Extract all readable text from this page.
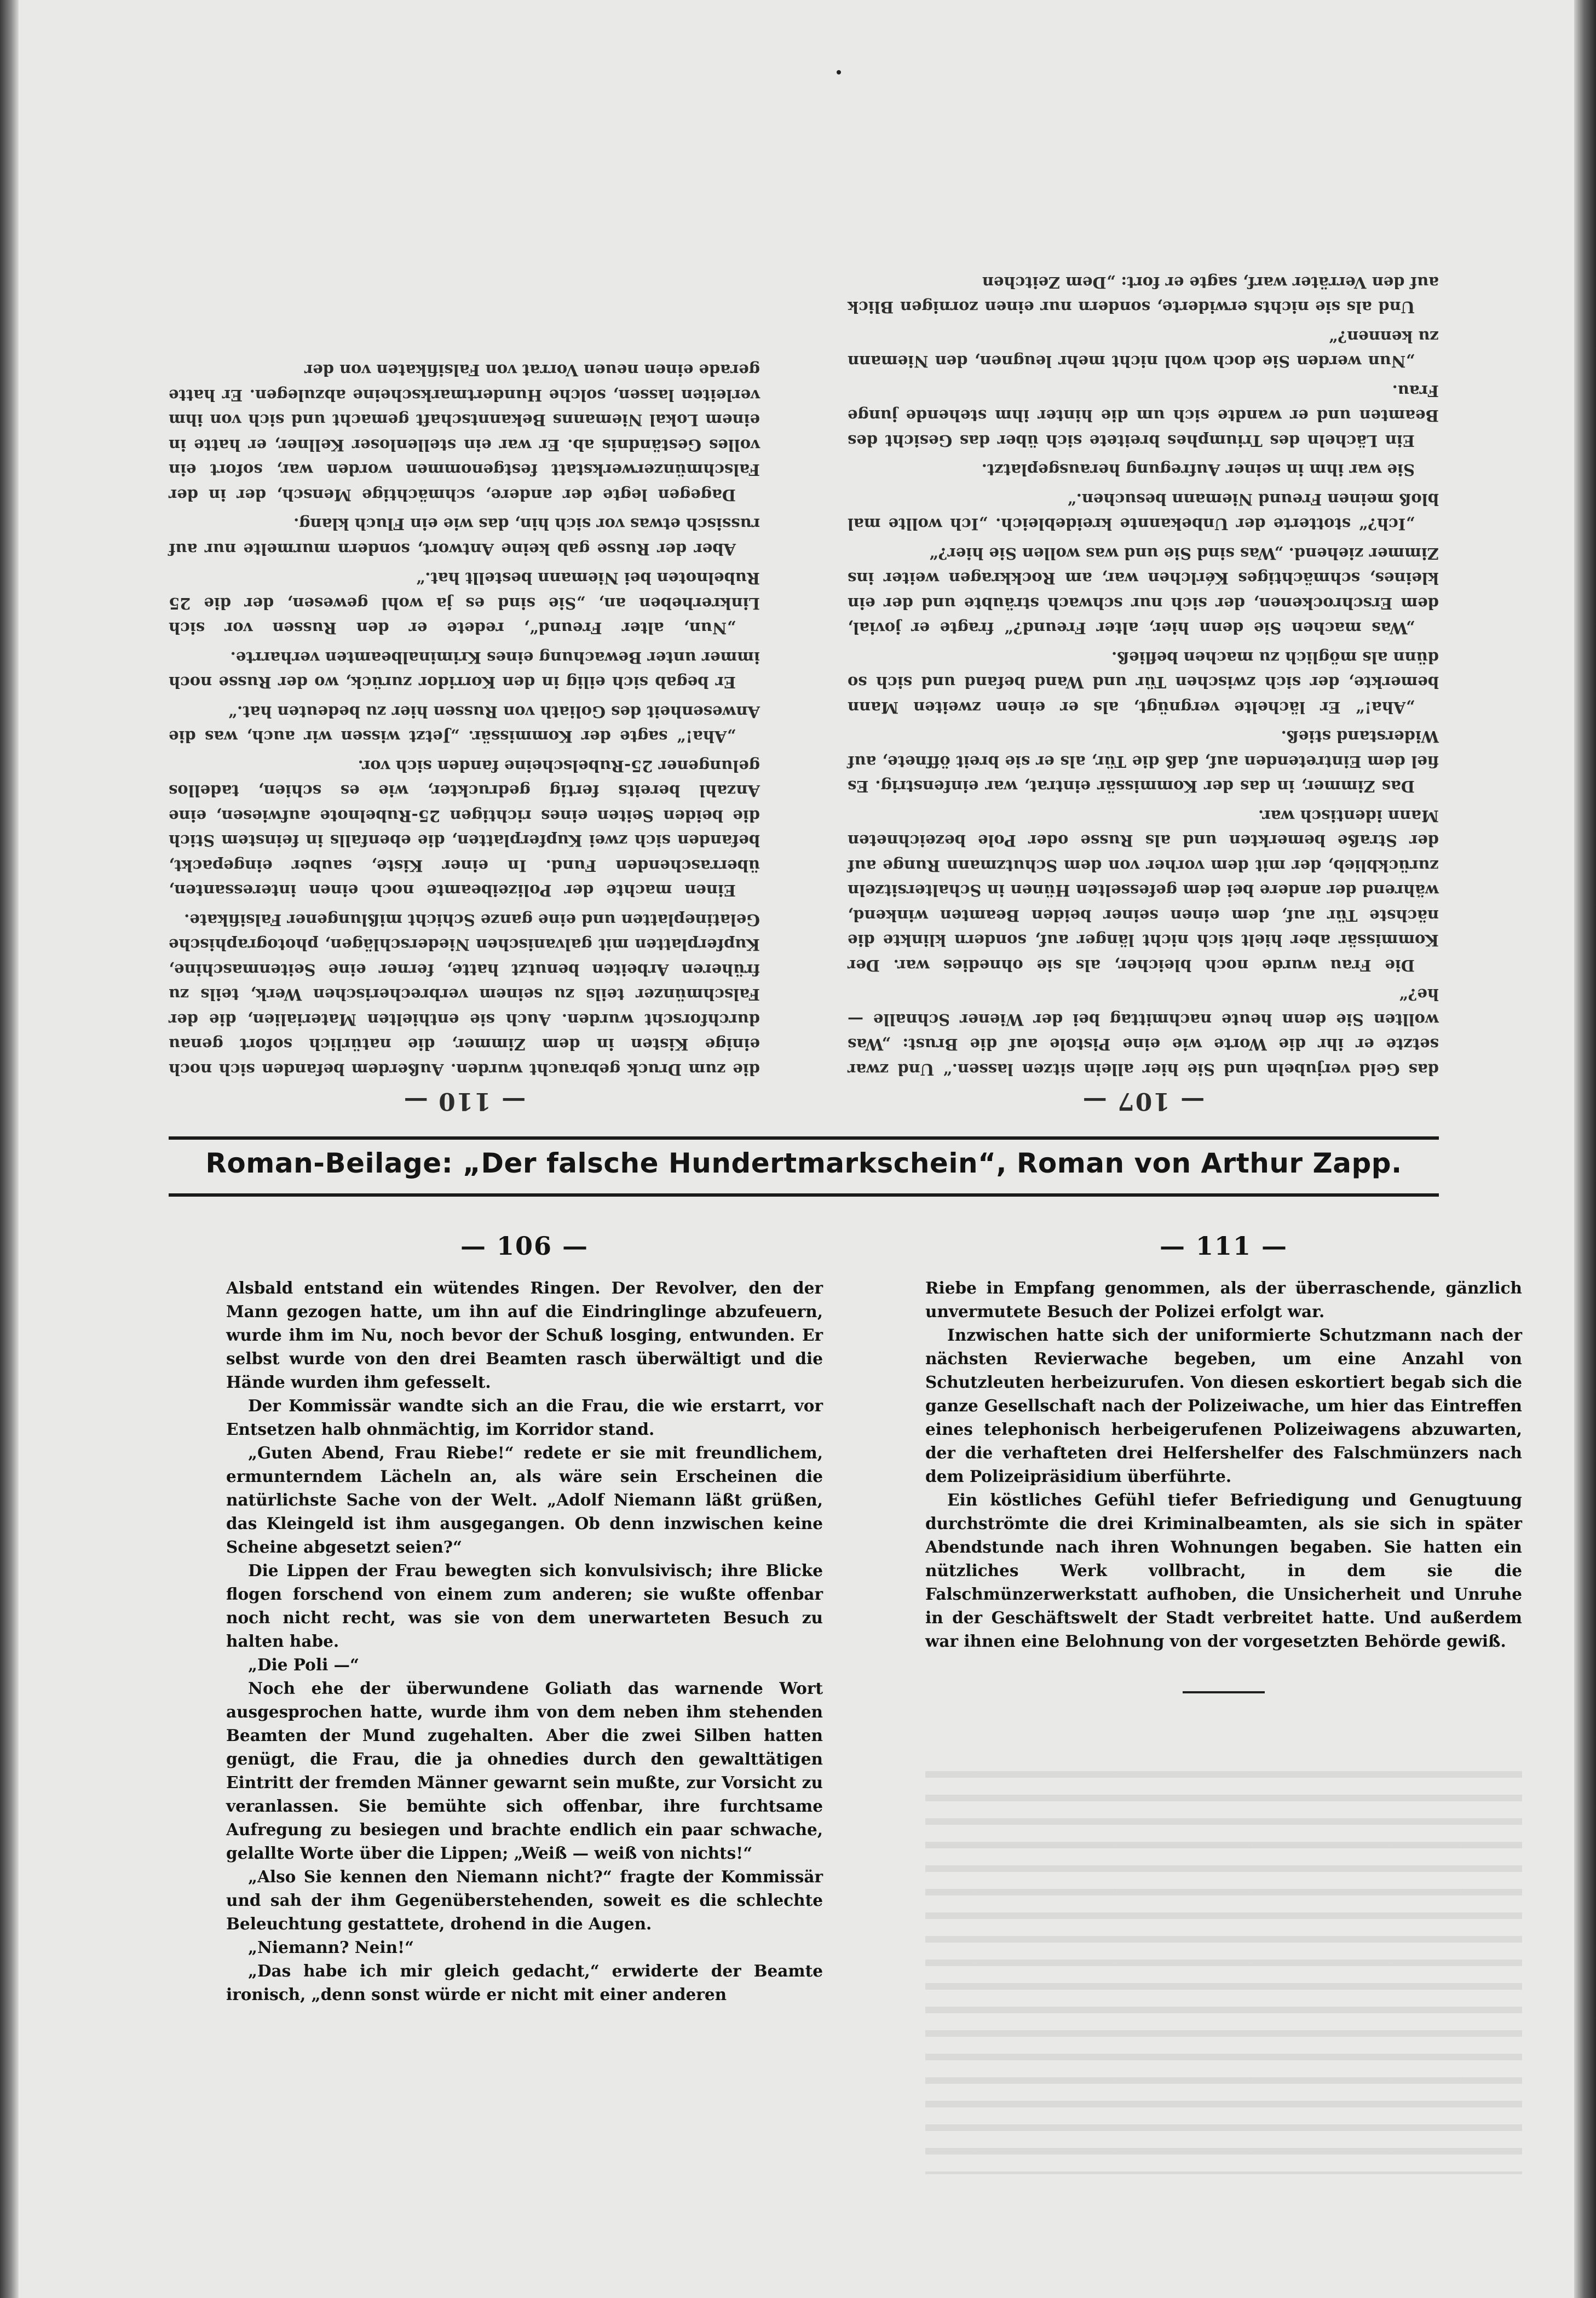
— 107 —

das Geld verjubeln und Sie hier allein sitzen lassen.“ Und zwar setzte er ihr die Worte wie eine Pistole auf die Brust: „Was wollten Sie denn heute nachmittag bei der Wiener Schnalle — he?“

Die Frau wurde noch bleicher, als sie ohnedies war. Der Kommissär aber hielt sich nicht länger auf, sondern klinkte die nächste Tür auf, dem einen seiner beiden Beamten winkend, während der andere bei dem gefesselten Hünen in Schaltersitzeln zurückblieb, der mit dem vorher von dem Schutzmann Runge auf der Straße bemerkten und als Russe oder Pole bezeichneten Mann identisch war.

Das Zimmer, in das der Kommissär eintrat, war einfenstrig. Es fiel dem Eintretenden auf, daß die Tür, als er sie breit öffnete, auf Widerstand stieß.

„Aha!“ Er lächelte vergnügt, als er einen zweiten Mann bemerkte, der sich zwischen Tür und Wand befand und sich so dünn als möglich zu machen befließ.

„Was machen Sie denn hier, alter Freund?“ fragte er jovial, dem Erschrockenen, der sich nur schwach sträubte und der ein kleines, schmächtiges Kérlchen war, am Rockkragen weiter ins Zimmer ziehend. „Was sind Sie und was wollen Sie hier?“

„Ich?“ stotterte der Unbekannte kreidebleich. „Ich wollte mal bloß meinen Freund Niemann besuchen.“

Sie war ihm in seiner Aufregung herausgeplatzt.

Ein Lächeln des Triumphes breitete sich über das Gesicht des Beamten und er wandte sich um die hinter ihm stehende junge Frau.

„Nun werden Sie doch wohl nicht mehr leugnen, den Niemann zu kennen?“

Und als sie nichts erwiderte, sondern nur einen zornigen Blick auf den Verräter warf, sagte er fort: „Dem Zeitchen

— 110 —

die zum Druck gebraucht wurden. Außerdem befanden sich noch einige Kisten in dem Zimmer, die natürlich sofort genau durchforscht wurden. Auch sie enthielten Materialien, die der Falschmünzer teils zu seinem verbrecherischen Werk, teils zu früheren Arbeiten benutzt hatte, ferner eine Seitenmaschine, Kupferplatten mit galvanischen Niederschlägen, photographische Gelatineplatten und eine ganze Schicht mißlungener Falsifikate.

Einen machte der Polizeibeamte noch einen interessanten, überraschenden Fund. In einer Kiste, sauber eingepackt, befanden sich zwei Kupferplatten, die ebenfalls in feinstem Stich die beiden Seiten eines richtigen 25-Rubelnote aufwiesen, eine Anzahl bereits fertig gedruckter, wie es schien, tadellos gelungener 25-Rubelscheine fanden sich vor.

„Aha!“ sagte der Kommissär. „Jetzt wissen wir auch, was die Anwesenheit des Goliath von Russen hier zu bedeuten hat.“

Er begab sich eilig in den Korridor zurück, wo der Russe noch immer unter Bewachung eines Kriminalbeamten verharrte.

„Nun, alter Freund“, redete er den Russen vor sich Linkrerheben an, „Sie sind es ja wohl gewesen, der die 25 Rubelnoten bei Niemann bestellt hat.“

Aber der Russe gab keine Antwort, sondern murmelte nur auf russisch etwas vor sich hin, das wie ein Fluch klang.

Dagegen legte der andere, schmächtige Mensch, der in der Falschmünzerwerkstatt festgenommen worden war, sofort ein volles Geständnis ab. Er war ein stellenloser Kellner, er hatte in einem Lokal Niemanns Bekanntschaft gemacht und sich von ihm verleiten lassen, solche Hundertmarkscheine abzulegen. Er hatte gerade einen neuen Vorrat von Falsifikaten von der

Roman-Beilage: „Der falsche Hundertmarkschein“, Roman von Arthur Zapp.
— 106 —

Alsbald entstand ein wütendes Ringen. Der Revolver, den der Mann gezogen hatte, um ihn auf die Eindringlinge abzufeuern, wurde ihm im Nu, noch bevor der Schuß losging, entwunden. Er selbst wurde von den drei Beamten rasch überwältigt und die Hände wurden ihm gefesselt.

Der Kommissär wandte sich an die Frau, die wie erstarrt, vor Entsetzen halb ohnmächtig, im Korridor stand.

„Guten Abend, Frau Riebe!“ redete er sie mit freundlichem, ermunterndem Lächeln an, als wäre sein Erscheinen die natürlichste Sache von der Welt. „Adolf Niemann läßt grüßen, das Kleingeld ist ihm ausgegangen. Ob denn inzwischen keine Scheine abgesetzt seien?“

Die Lippen der Frau bewegten sich konvulsivisch; ihre Blicke flogen forschend von einem zum anderen; sie wußte offenbar noch nicht recht, was sie von dem unerwarteten Besuch zu halten habe.

„Die Poli —“

Noch ehe der überwundene Goliath das warnende Wort ausgesprochen hatte, wurde ihm von dem neben ihm stehenden Beamten der Mund zugehalten. Aber die zwei Silben hatten genügt, die Frau, die ja ohnedies durch den gewalttätigen Eintritt der fremden Männer gewarnt sein mußte, zur Vorsicht zu veranlassen. Sie bemühte sich offenbar, ihre furchtsame Aufregung zu besiegen und brachte endlich ein paar schwache, gelallte Worte über die Lippen; „Weiß — weiß von nichts!“

„Also Sie kennen den Niemann nicht?“ fragte der Kommissär und sah der ihm Gegenüberstehenden, soweit es die schlechte Beleuchtung gestattete, drohend in die Augen.

„Niemann? Nein!“

„Das habe ich mir gleich gedacht,“ erwiderte der Beamte ironisch, „denn sonst würde er nicht mit einer anderen

— 111 —

Riebe in Empfang genommen, als der überraschende, gänzlich unvermutete Besuch der Polizei erfolgt war.

Inzwischen hatte sich der uniformierte Schutzmann nach der nächsten Revierwache begeben, um eine Anzahl von Schutzleuten herbeizurufen. Von diesen eskortiert begab sich die ganze Gesellschaft nach der Polizeiwache, um hier das Eintreffen eines telephonisch herbeigerufenen Polizeiwagens abzuwarten, der die verhafteten drei Helfershelfer des Falschmünzers nach dem Polizeipräsidium überführte.

Ein köstliches Gefühl tiefer Befriedigung und Genugtuung durchströmte die drei Kriminalbeamten, als sie sich in später Abendstunde nach ihren Wohnungen begaben. Sie hatten ein nützliches Werk vollbracht, in dem sie die Falschmünzerwerkstatt aufhoben, die Unsicherheit und Unruhe in der Geschäftswelt der Stadt verbreitet hatte. Und außerdem war ihnen eine Belohnung von der vorgesetzten Behörde gewiß.
